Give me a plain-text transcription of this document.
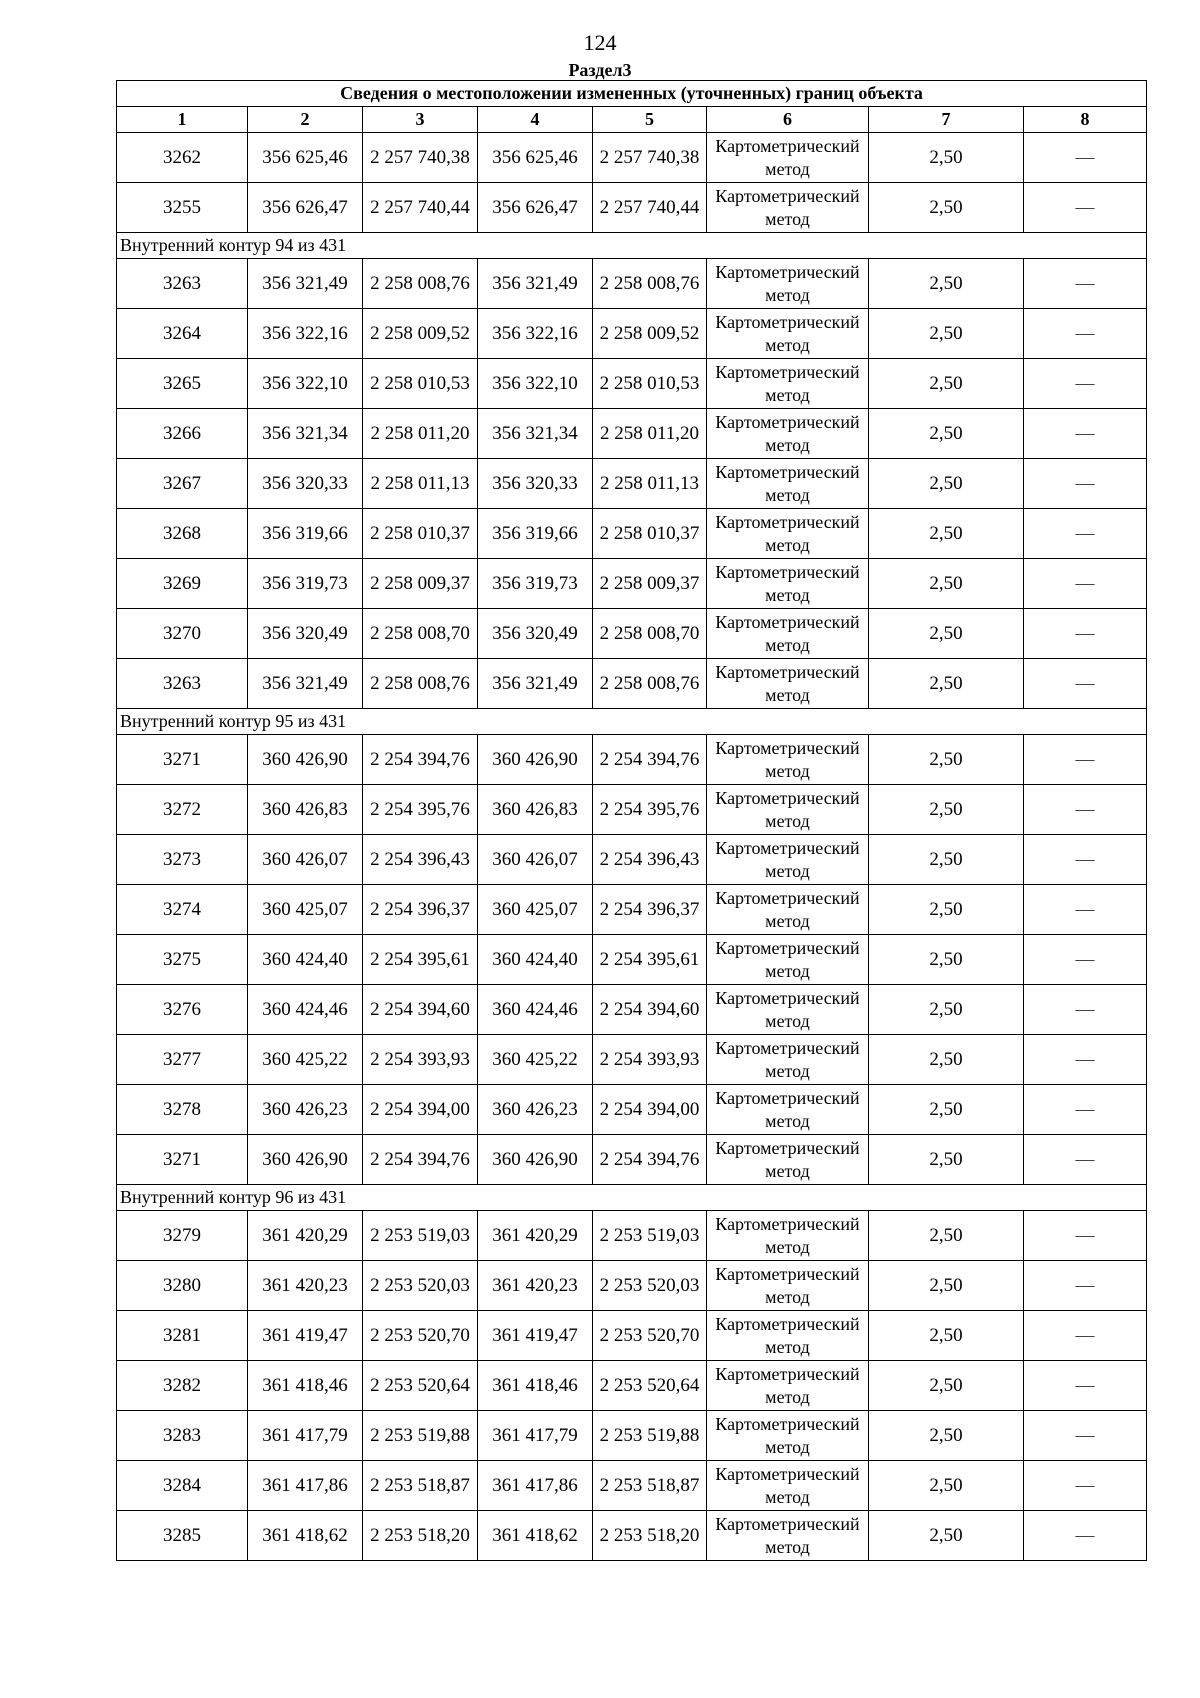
124
Раздел3
Сведения о местоположении измененных (уточненных) границ объекта							
1	2	3	4	5	6	7	8
3262	356 625,46	2 257 740,38	356 625,46	2 257 740,38	Картометрический метод	2,50	—
3255	356 626,47	2 257 740,44	356 626,47	2 257 740,44	Картометрический метод	2,50	—
Внутренний контур 94 из 431							
3263	356 321,49	2 258 008,76	356 321,49	2 258 008,76	Картометрический метод	2,50	—
3264	356 322,16	2 258 009,52	356 322,16	2 258 009,52	Картометрический метод	2,50	—
3265	356 322,10	2 258 010,53	356 322,10	2 258 010,53	Картометрический метод	2,50	—
3266	356 321,34	2 258 011,20	356 321,34	2 258 011,20	Картометрический метод	2,50	—
3267	356 320,33	2 258 011,13	356 320,33	2 258 011,13	Картометрический метод	2,50	—
3268	356 319,66	2 258 010,37	356 319,66	2 258 010,37	Картометрический метод	2,50	—
3269	356 319,73	2 258 009,37	356 319,73	2 258 009,37	Картометрический метод	2,50	—
3270	356 320,49	2 258 008,70	356 320,49	2 258 008,70	Картометрический метод	2,50	—
3263	356 321,49	2 258 008,76	356 321,49	2 258 008,76	Картометрический метод	2,50	—
Внутренний контур 95 из 431							
3271	360 426,90	2 254 394,76	360 426,90	2 254 394,76	Картометрический метод	2,50	—
3272	360 426,83	2 254 395,76	360 426,83	2 254 395,76	Картометрический метод	2,50	—
3273	360 426,07	2 254 396,43	360 426,07	2 254 396,43	Картометрический метод	2,50	—
3274	360 425,07	2 254 396,37	360 425,07	2 254 396,37	Картометрический метод	2,50	—
3275	360 424,40	2 254 395,61	360 424,40	2 254 395,61	Картометрический метод	2,50	—
3276	360 424,46	2 254 394,60	360 424,46	2 254 394,60	Картометрический метод	2,50	—
3277	360 425,22	2 254 393,93	360 425,22	2 254 393,93	Картометрический метод	2,50	—
3278	360 426,23	2 254 394,00	360 426,23	2 254 394,00	Картометрический метод	2,50	—
3271	360 426,90	2 254 394,76	360 426,90	2 254 394,76	Картометрический метод	2,50	—
Внутренний контур 96 из 431							
3279	361 420,29	2 253 519,03	361 420,29	2 253 519,03	Картометрический метод	2,50	—
3280	361 420,23	2 253 520,03	361 420,23	2 253 520,03	Картометрический метод	2,50	—
3281	361 419,47	2 253 520,70	361 419,47	2 253 520,70	Картометрический метод	2,50	—
3282	361 418,46	2 253 520,64	361 418,46	2 253 520,64	Картометрический метод	2,50	—
3283	361 417,79	2 253 519,88	361 417,79	2 253 519,88	Картометрический метод	2,50	—
3284	361 417,86	2 253 518,87	361 417,86	2 253 518,87	Картометрический метод	2,50	—
3285	361 418,62	2 253 518,20	361 418,62	2 253 518,20	Картометрический метод	2,50	—
